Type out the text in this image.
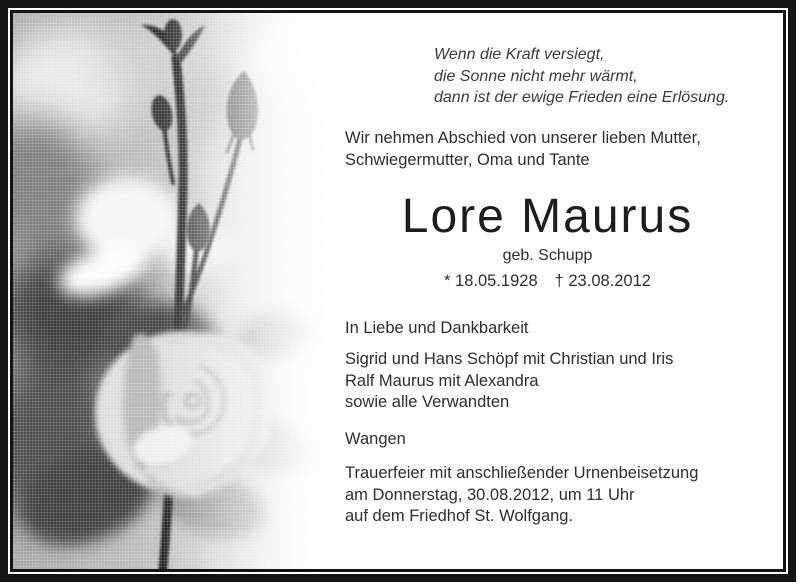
Wenn die Kraft versiegt,
die Sonne nicht mehr wärmt,
dann ist der ewige Frieden eine Erlösung.
Wir nehmen Abschied von unserer lieben Mutter,
Schwiegermutter, Oma und Tante
Lore Maurus
geb. Schupp
* 18.05.1928 † 23.08.2012
In Liebe und Dankbarkeit
Sigrid und Hans Schöpf mit Christian und Iris
Ralf Maurus mit Alexandra
sowie alle Verwandten
Wangen
Trauerfeier mit anschließender Urnenbeisetzung
am Donnerstag, 30.08.2012, um 11 Uhr
auf dem Friedhof St. Wolfgang.
